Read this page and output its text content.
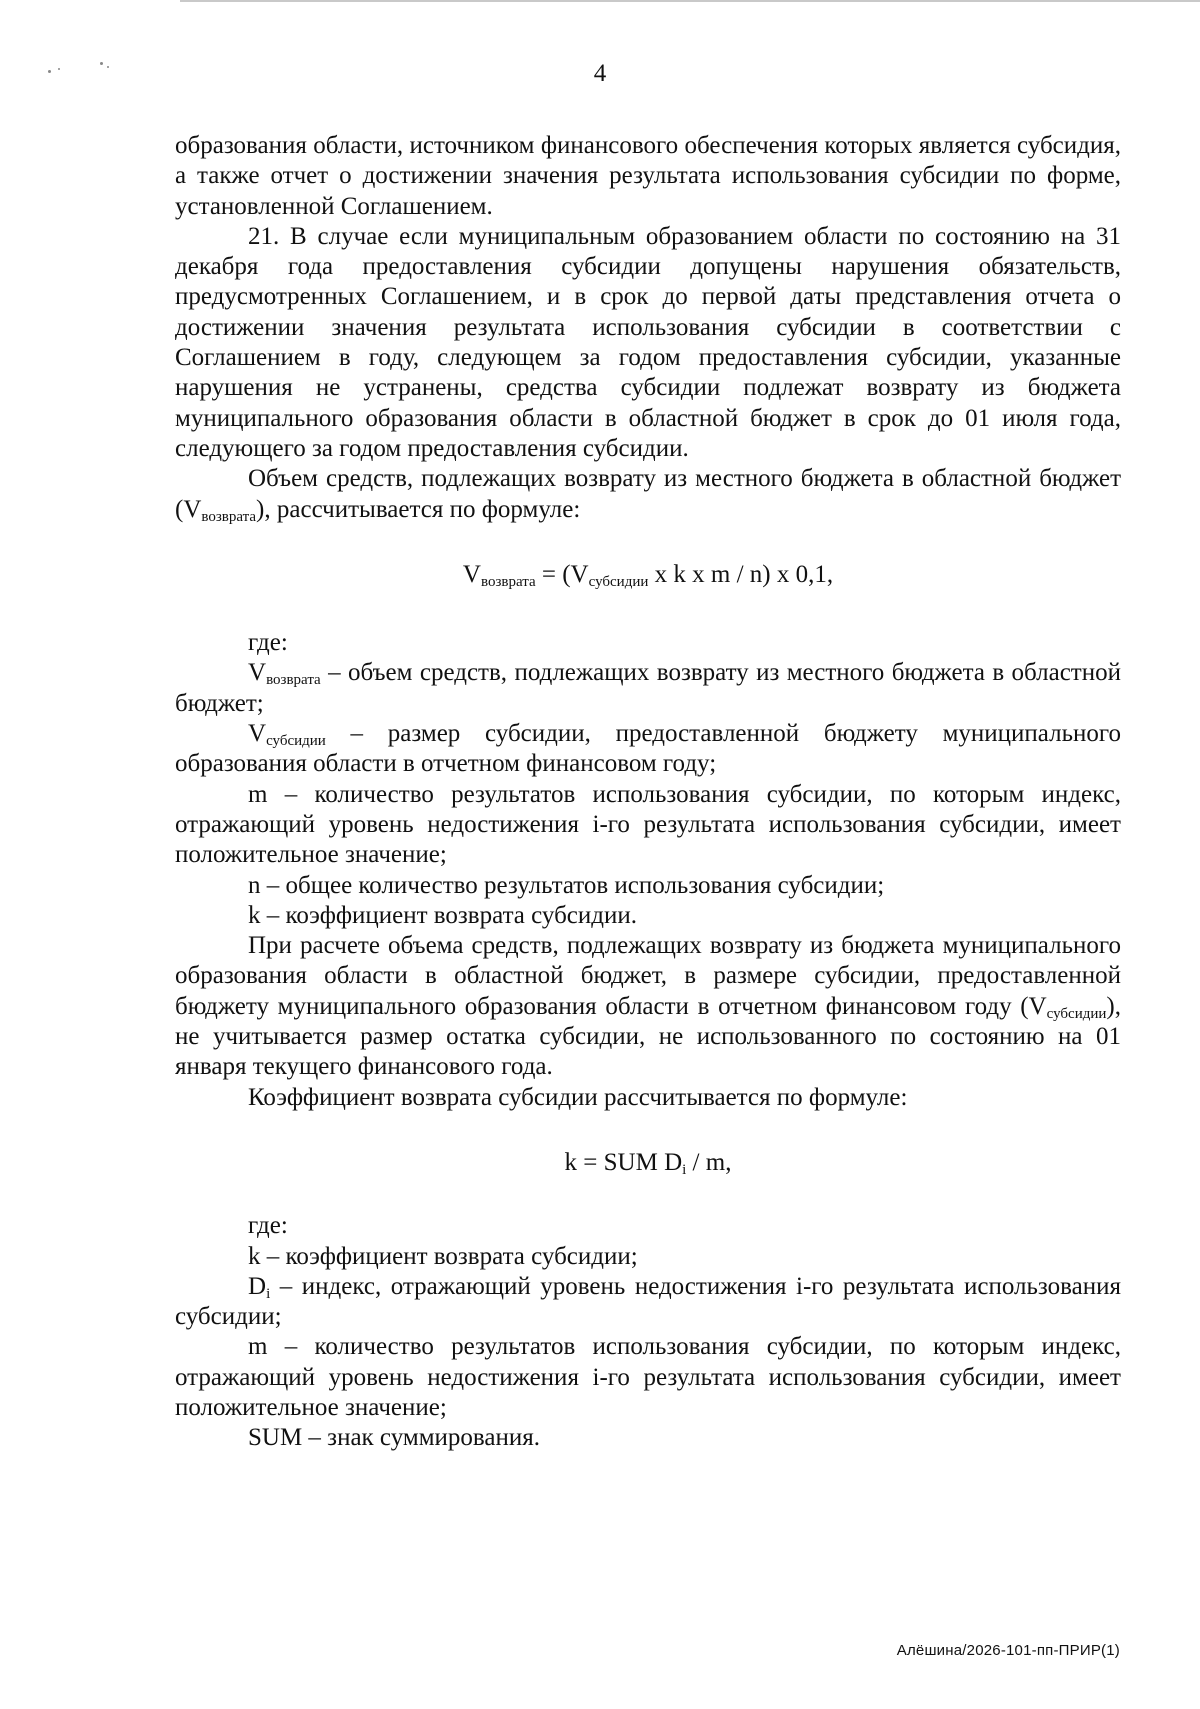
4

образования области, источником финансового обеспечения которых является субсидия, а также отчет о достижении значения результата использования субсидии по форме, установленной Соглашением.

21. В случае если муниципальным образованием области по состоянию на 31 декабря года предоставления субсидии допущены нарушения обязательств, предусмотренных Соглашением, и в срок до первой даты представления отчета о достижении значения результата использования субсидии в соответствии с Соглашением в году, следующем за годом предоставления субсидии, указанные нарушения не устранены, средства субсидии подлежат возврату из бюджета муниципального образования области в областной бюджет в срок до 01 июля года, следующего за годом предоставления субсидии.

Объем средств, подлежащих возврату из местного бюджета в областной бюджет $(V_{возврата})$, рассчитывается по формуле:

$V_{возврата} = (V_{субсидии}$ x k x m / n) x 0,1,

где:

$V_{возврата}$ – объем средств, подлежащих возврату из местного бюджета в областной бюджет;

$V_{субсидии}$ – размер субсидии, предоставленной бюджету муниципального образования области в отчетном финансовом году;

m – количество результатов использования субсидии, по которым индекс, отражающий уровень недостижения i-го результата использования субсидии, имеет положительное значение;

n – общее количество результатов использования субсидии;

k – коэффициент возврата субсидии.

При расчете объема средств, подлежащих возврату из бюджета муниципального образования области в областной бюджет, в размере субсидии, предоставленной бюджету муниципального образования области в отчетном финансовом году $(V_{субсидии})$, не учитывается размер остатка субсидии, не использованного по состоянию на 01 января текущего финансового года.

Коэффициент возврата субсидии рассчитывается по формуле:

k = SUM $D_i$ / m,

где:

k – коэффициент возврата субсидии;

$D_i$ – индекс, отражающий уровень недостижения i-го результата использования субсидии;

m – количество результатов использования субсидии, по которым индекс, отражающий уровень недостижения i-го результата использования субсидии, имеет положительное значение;

SUM – знак суммирования.

Алёшина/2026-101-пп-ПРИР(1)
